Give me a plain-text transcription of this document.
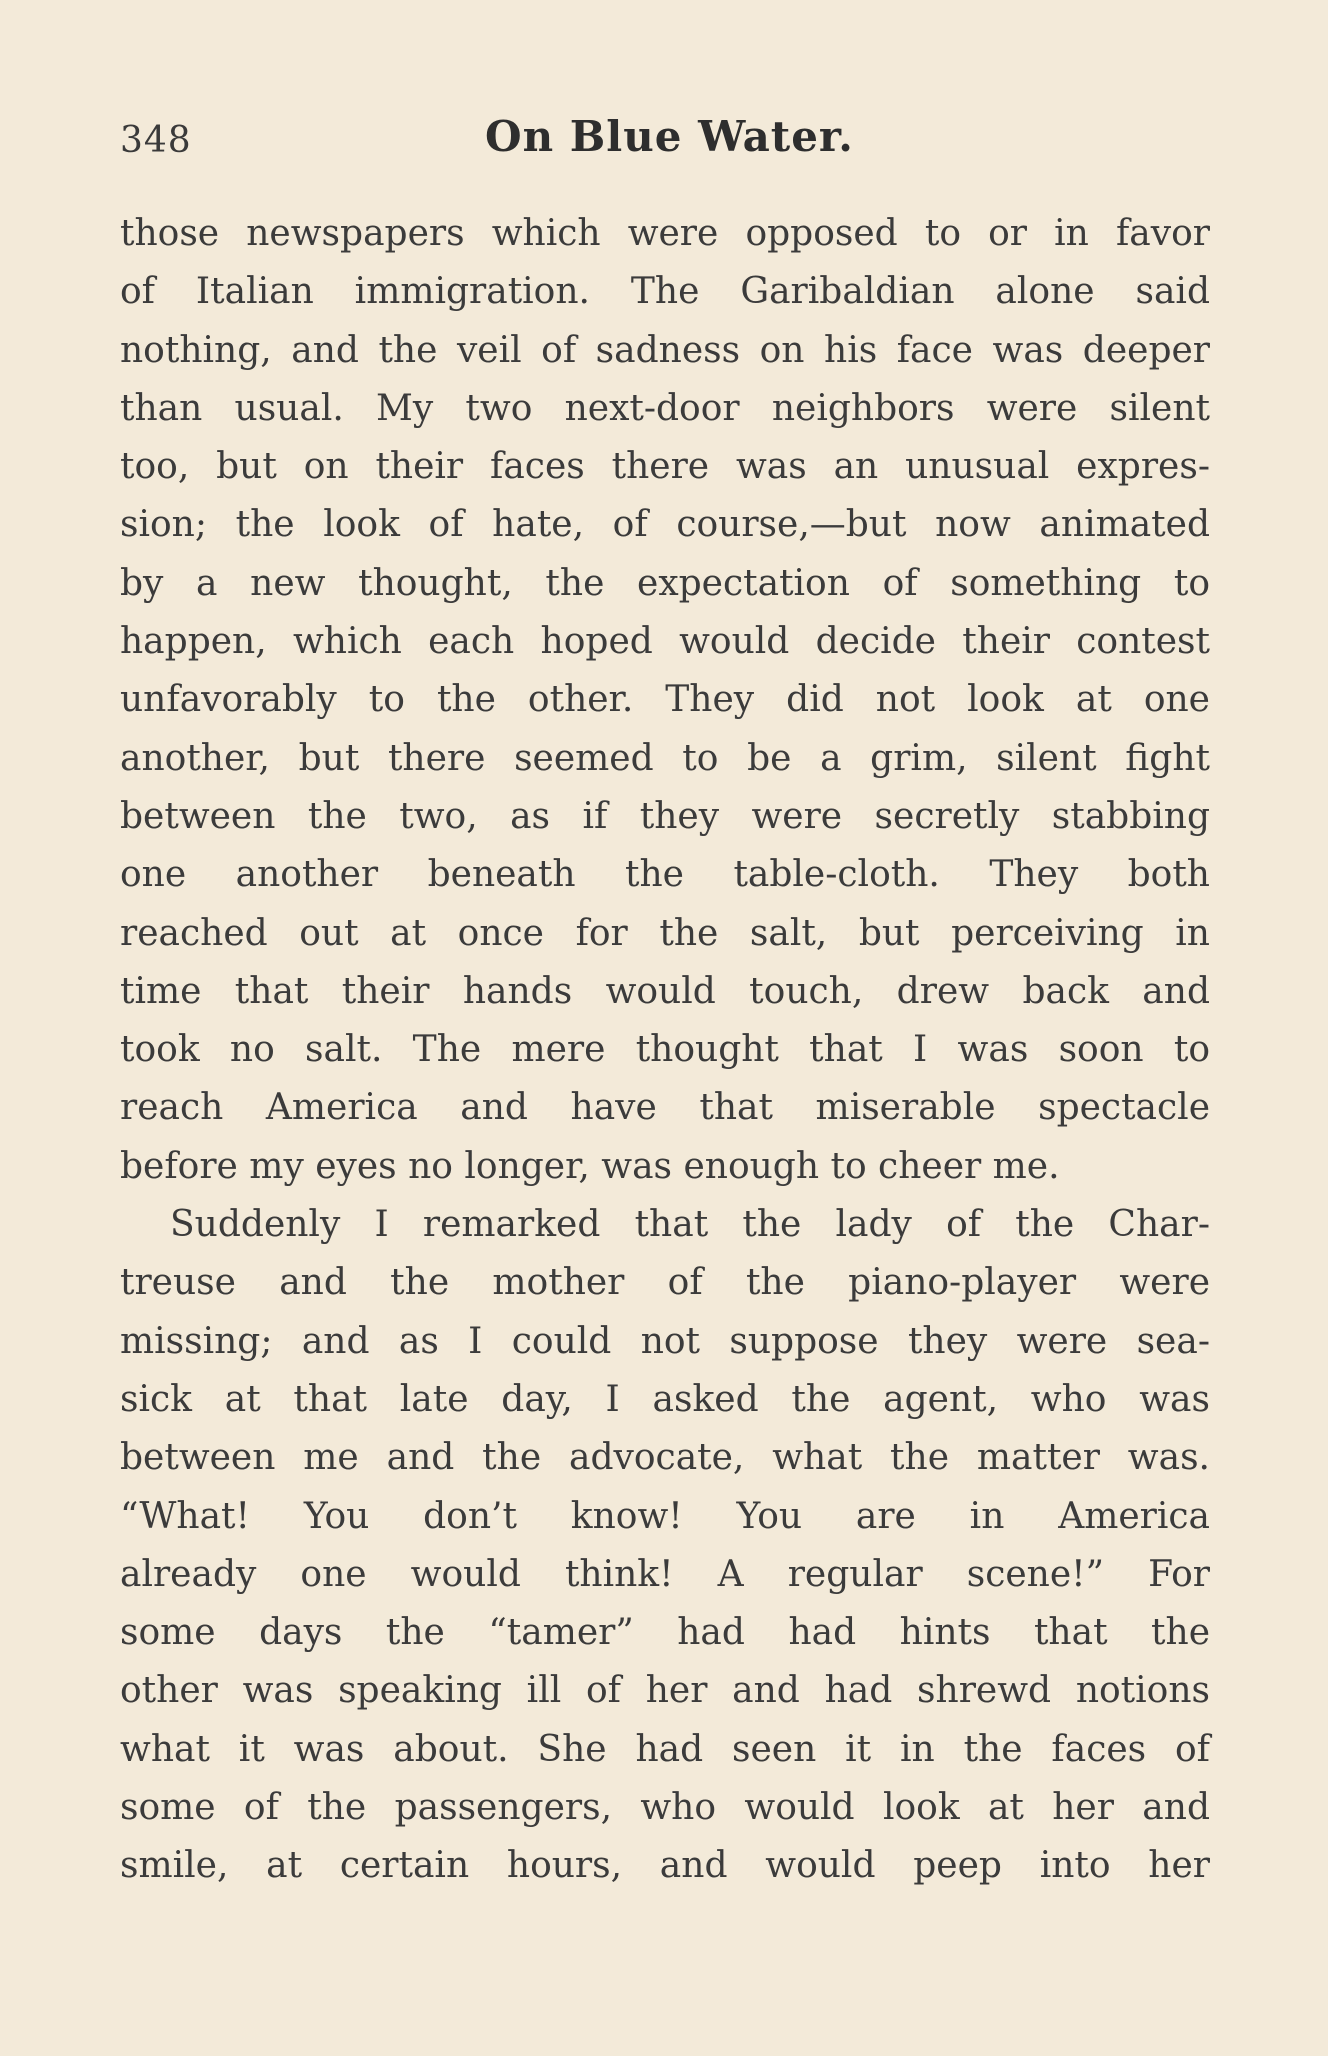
348	On Blue Water.
those newspapers which were opposed to or in favor
of Italian immigration. The Garibaldian alone said
nothing, and the veil of sadness on his face was deeper
than usual. My two next-door neighbors were silent
too, but on their faces there was an unusual expres-
sion; the look of hate, of course,—but now animated
by a new thought, the expectation of something to
happen, which each hoped would decide their contest
unfavorably to the other. They did not look at one
another, but there seemed to be a grim, silent fight
between the two, as if they were secretly stabbing
one another beneath the table-cloth. They both
reached out at once for the salt, but perceiving in
time that their hands would touch, drew back and
took no salt. The mere thought that I was soon to
reach America and have that miserable spectacle
before my eyes no longer, was enough to cheer me.
Suddenly I remarked that the lady of the Char-
treuse and the mother of the piano-player were
missing; and as I could not suppose they were sea-
sick at that late day, I asked the agent, who was
between me and the advocate, what the matter was.
“What! You don’t know! You are in America
already one would think! A regular scene!” For
some days the “tamer” had had hints that the
other was speaking ill of her and had shrewd notions
what it was about. She had seen it in the faces of
some of the passengers, who would look at her and
smile, at certain hours, and would peep into her
